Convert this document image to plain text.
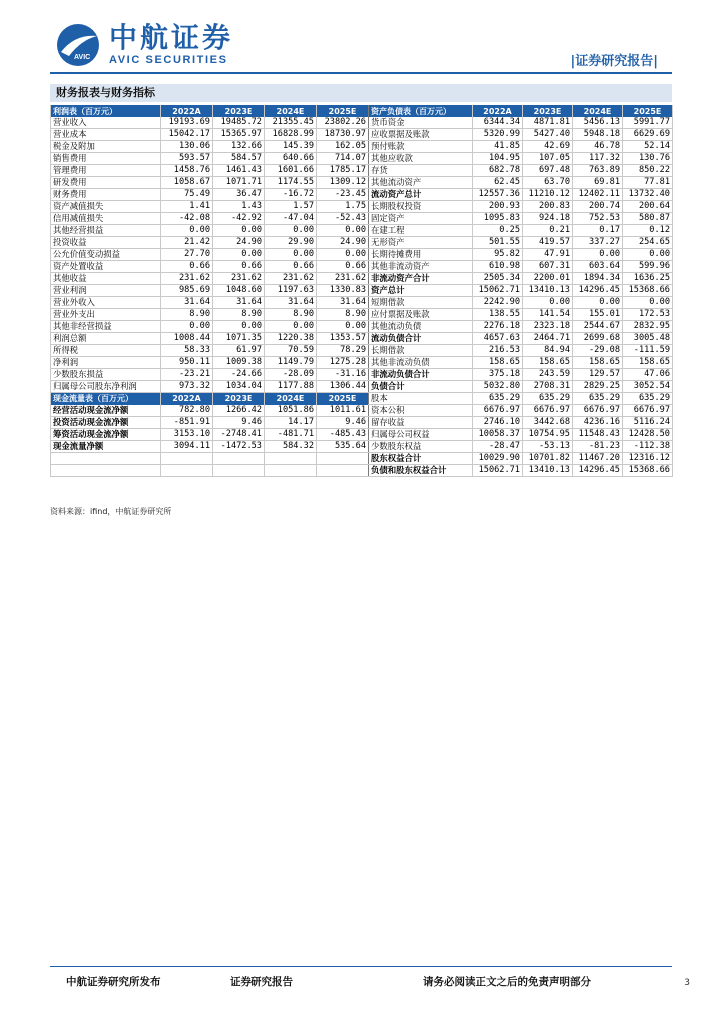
AVIC
中航证券
AVIC SECURITIES	|证券研究报告|
财务报表与财务指标
利润表（百万元）	2022A	2023E	2024E	2025E	资产负债表（百万元）	2022A	2023E	2024E	2025E
营业收入	19193.69	19485.72	21355.45	23802.26	货币资金	6344.34	4871.81	5456.13	5991.77
营业成本	15042.17	15365.97	16828.99	18730.97	应收票据及账款	5320.99	5427.40	5948.18	6629.69
税金及附加	130.06	132.66	145.39	162.05	预付账款	41.85	42.69	46.78	52.14
销售费用	593.57	584.57	640.66	714.07	其他应收款	104.95	107.05	117.32	130.76
管理费用	1458.76	1461.43	1601.66	1785.17	存货	682.78	697.48	763.89	850.22
研发费用	1058.67	1071.71	1174.55	1309.12	其他流动资产	62.45	63.70	69.81	77.81
财务费用	75.49	36.47	-16.72	-23.45	流动资产总计	12557.36	11210.12	12402.11	13732.40
资产减值损失	1.41	1.43	1.57	1.75	长期股权投资	200.93	200.83	200.74	200.64
信用减值损失	-42.08	-42.92	-47.04	-52.43	固定资产	1095.83	924.18	752.53	580.87
其他经营损益	0.00	0.00	0.00	0.00	在建工程	0.25	0.21	0.17	0.12
投资收益	21.42	24.90	29.90	24.90	无形资产	501.55	419.57	337.27	254.65
公允价值变动损益	27.70	0.00	0.00	0.00	长期待摊费用	95.82	47.91	0.00	0.00
资产处置收益	0.66	0.66	0.66	0.66	其他非流动资产	610.98	607.31	603.64	599.96
其他收益	231.62	231.62	231.62	231.62	非流动资产合计	2505.34	2200.01	1894.34	1636.25
营业利润	985.69	1048.60	1197.63	1330.83	资产总计	15062.71	13410.13	14296.45	15368.66
营业外收入	31.64	31.64	31.64	31.64	短期借款	2242.90	0.00	0.00	0.00
营业外支出	8.90	8.90	8.90	8.90	应付票据及账款	138.55	141.54	155.01	172.53
其他非经营损益	0.00	0.00	0.00	0.00	其他流动负债	2276.18	2323.18	2544.67	2832.95
利润总额	1008.44	1071.35	1220.38	1353.57	流动负债合计	4657.63	2464.71	2699.68	3005.48
所得税	58.33	61.97	70.59	78.29	长期借款	216.53	84.94	-29.08	-111.59
净利润	950.11	1009.38	1149.79	1275.28	其他非流动负债	158.65	158.65	158.65	158.65
少数股东损益	-23.21	-24.66	-28.09	-31.16	非流动负债合计	375.18	243.59	129.57	47.06
归属母公司股东净利润	973.32	1034.04	1177.88	1306.44	负债合计	5032.80	2708.31	2829.25	3052.54
现金流量表（百万元）	2022A	2023E	2024E	2025E	股本	635.29	635.29	635.29	635.29
经营活动现金流净额	782.80	1266.42	1051.86	1011.61	资本公积	6676.97	6676.97	6676.97	6676.97
投资活动现金流净额	-851.91	9.46	14.17	9.46	留存收益	2746.10	3442.68	4236.16	5116.24
筹资活动现金流净额	3153.10	-2748.41	-481.71	-485.43	归属母公司权益	10058.37	10754.95	11548.43	12428.50
现金流量净额	3094.11	-1472.53	584.32	535.64	少数股东权益	-28.47	-53.13	-81.23	-112.38
					股东权益合计	10029.90	10701.82	11467.20	12316.12
					负债和股东权益合计	15062.71	13410.13	14296.45	15368.66
资料来源：ifind，中航证券研究所
中航证券研究所发布	证券研究报告	请务必阅读正文之后的免责声明部分	3
